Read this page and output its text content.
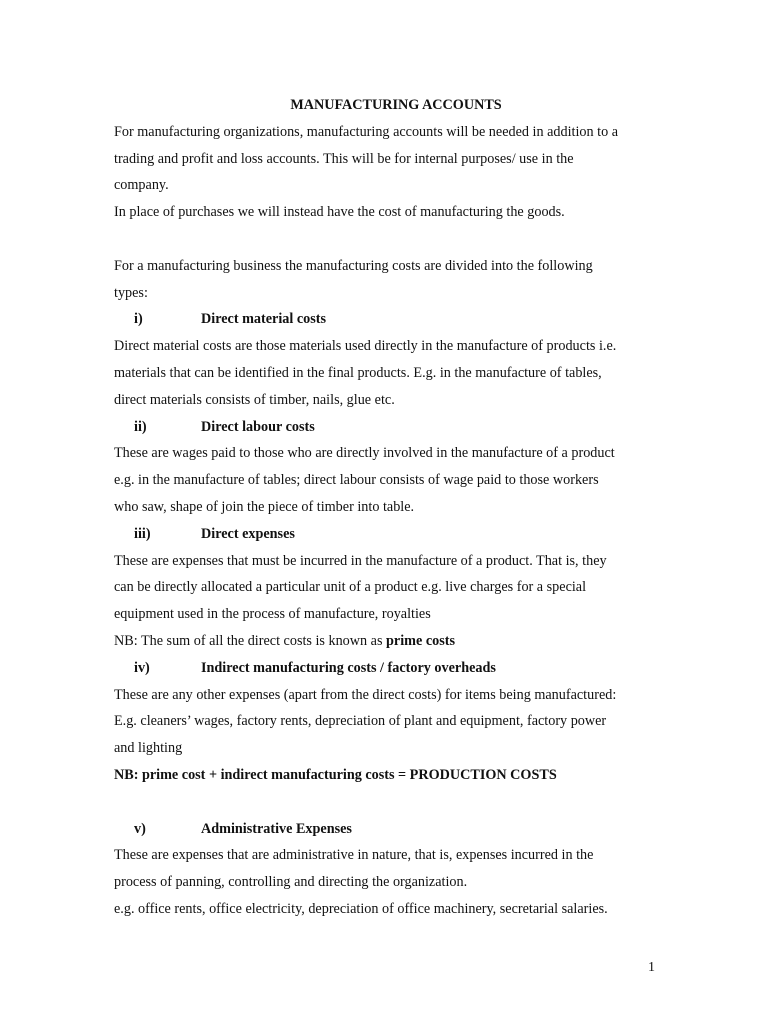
MANUFACTURING ACCOUNTS

For manufacturing organizations, manufacturing accounts will be needed in addition to a

trading and profit and loss accounts. This will be for internal purposes/ use in the

company.

In place of purchases we will instead have the cost of manufacturing the goods.

For a manufacturing business the manufacturing costs are divided into the following

types:

i)	Direct material costs

Direct material costs are those materials used directly in the manufacture of products i.e.

materials that can be identified in the final products. E.g. in the manufacture of tables,

direct materials consists of timber, nails, glue etc.

ii)	Direct labour costs

These are wages paid to those who are directly involved in the manufacture of a product

e.g. in the manufacture of tables; direct labour consists of wage paid to those workers

who saw, shape of join the piece of timber into table.

iii)	Direct expenses

These are expenses that must be incurred in the manufacture of a product. That is, they

can be directly allocated a particular unit of a product e.g. live charges for a special

equipment used in the process of manufacture, royalties

NB: The sum of all the direct costs is known as prime costs

iv)	Indirect manufacturing costs / factory overheads

These are any other expenses (apart from the direct costs) for items being manufactured:

E.g. cleaners’ wages, factory rents, depreciation of plant and equipment, factory power

and lighting

NB: prime cost + indirect manufacturing costs = PRODUCTION COSTS

v)	Administrative Expenses

These are expenses that are administrative in nature, that is, expenses incurred in the

process of panning, controlling and directing the organization.

e.g. office rents, office electricity, depreciation of office machinery, secretarial salaries.

1
